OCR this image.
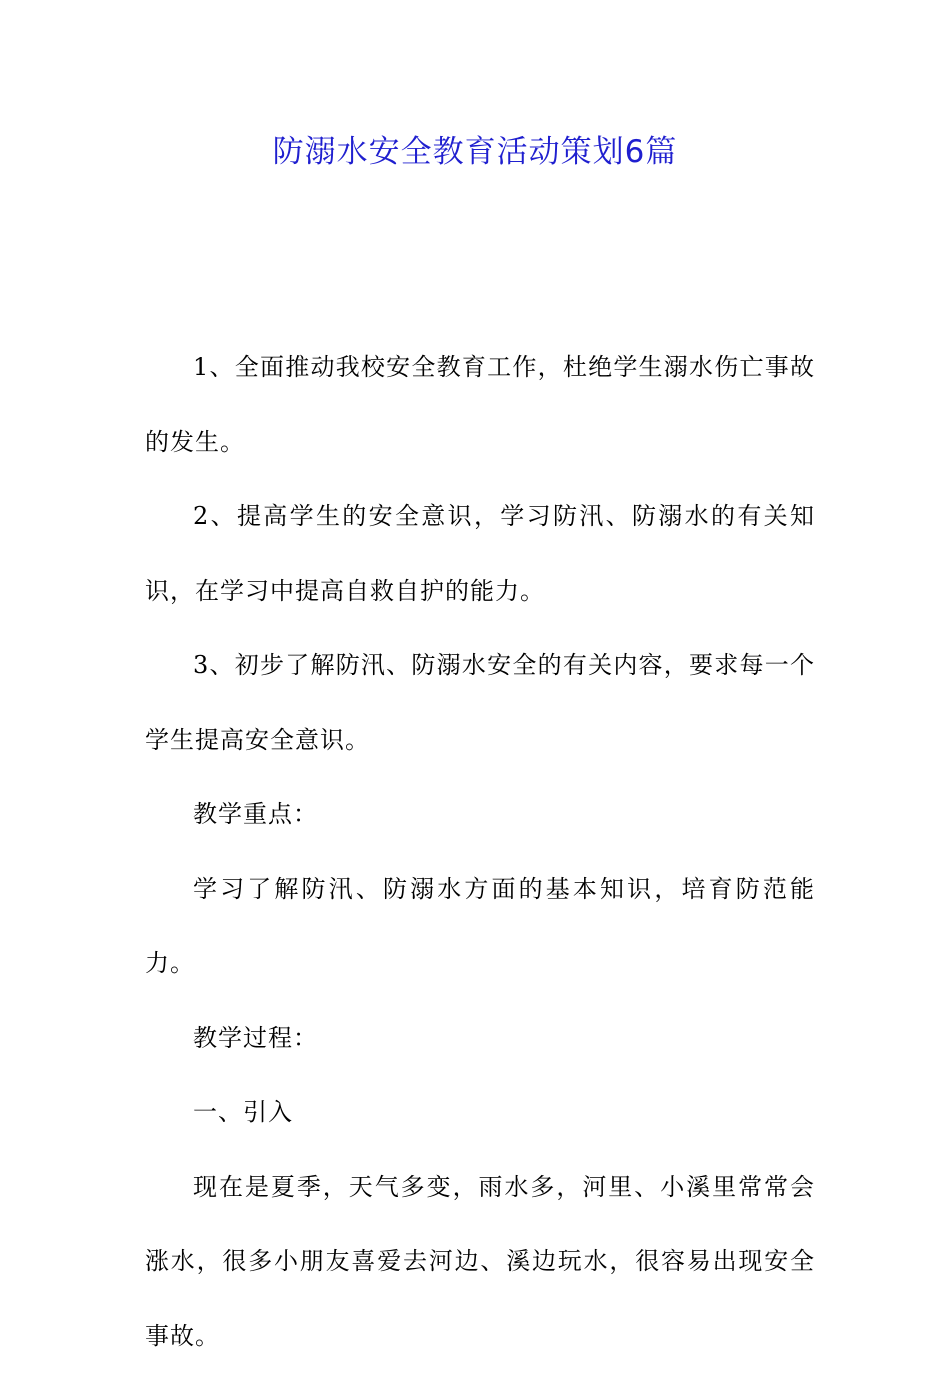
防溺水安全教育活动策划6篇

1、全面推动我校安全教育工作，杜绝学生溺水伤亡事故的发生。

2、提高学生的安全意识，学习防汛、防溺水的有关知识，在学习中提高自救自护的能力。

3、初步了解防汛、防溺水安全的有关内容，要求每一个学生提高安全意识。

教学重点：

学习了解防汛、防溺水方面的基本知识，培育防范能力。

教学过程：

一、引入

现在是夏季，天气多变，雨水多，河里、小溪里常常会涨水，很多小朋友喜爱去河边、溪边玩水，很容易出现安全事故。
